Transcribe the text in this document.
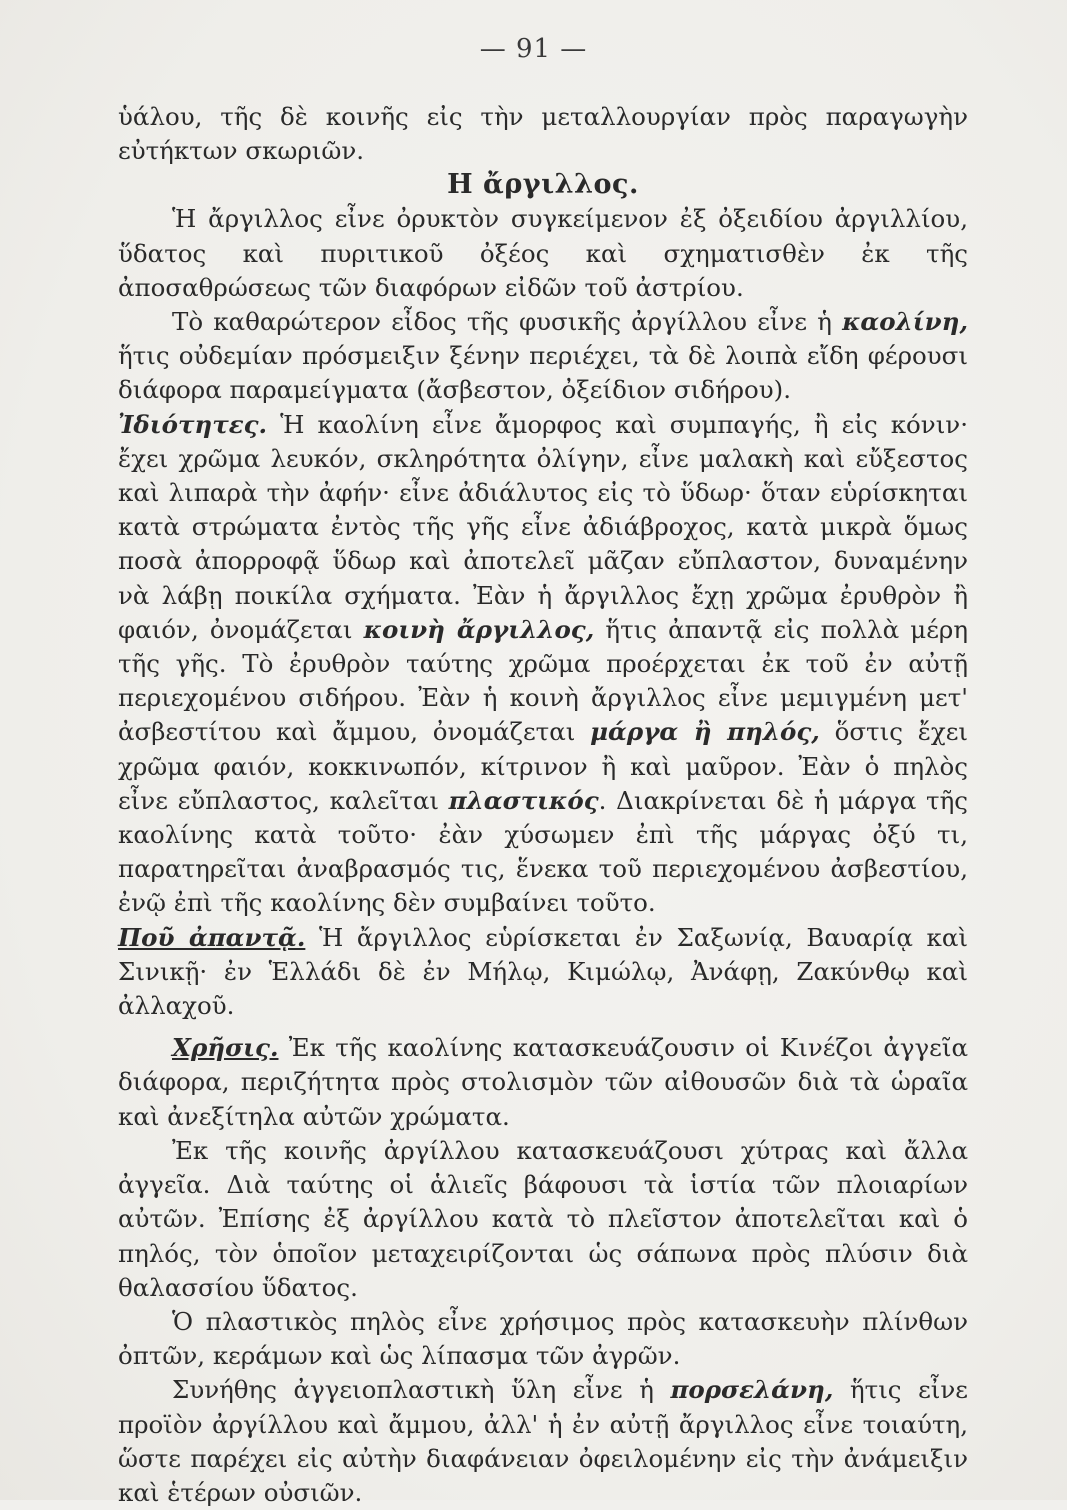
— 91 —

ὑάλου, τῆς δὲ κοινῆς εἰς τὴν μεταλλουργίαν πρὸς παραγωγὴν εὐτήκτων σκωριῶν.

Η ἄργιλλος.

Ἡ ἄργιλλος εἶνε ὀρυκτὸν συγκείμενον ἐξ ὀξειδίου ἀργιλλίου, ὕδατος καὶ πυριτικοῦ ὀξέος καὶ σχηματισθὲν ἐκ τῆς ἀποσαθρώσεως τῶν διαφόρων εἰδῶν τοῦ ἀστρίου.

Τὸ καθαρώτερον εἶδος τῆς φυσικῆς ἀργίλλου εἶνε ἡ καολίνη, ἥτις οὐδεμίαν πρόσμειξιν ξένην περιέχει, τὰ δὲ λοιπὰ εἴδη φέρουσι διάφορα παραμείγματα (ἄσβεστον, ὀξείδιον σιδήρου).

Ἰδιότητες. Ἡ καολίνη εἶνε ἄμορφος καὶ συμπαγής, ἢ εἰς κόνιν· ἔχει χρῶμα λευκόν, σκληρότητα ὀλίγην, εἶνε μαλακὴ καὶ εὔξεστος καὶ λιπαρὰ τὴν ἀφήν· εἶνε ἀδιάλυτος εἰς τὸ ὕδωρ· ὅταν εὑρίσκηται κατὰ στρώματα ἐντὸς τῆς γῆς εἶνε ἀδιάβροχος, κατὰ μικρὰ ὅμως ποσὰ ἀπορροφᾷ ὕδωρ καὶ ἀποτελεῖ μᾶζαν εὔπλαστον, δυναμένην νὰ λάβῃ ποικίλα σχήματα. Ἐὰν ἡ ἄργιλλος ἔχῃ χρῶμα ἐρυθρὸν ἢ φαιόν, ὀνομάζεται κοινὴ ἄργιλλος, ἥτις ἀπαντᾷ εἰς πολλὰ μέρη τῆς γῆς. Τὸ ἐρυθρὸν ταύτης χρῶμα προέρχεται ἐκ τοῦ ἐν αὐτῇ περιεχομένου σιδήρου. Ἐὰν ἡ κοινὴ ἄργιλλος εἶνε μεμιγμένη μετ' ἀσβεστίτου καὶ ἄμμου, ὀνομάζεται μάργα ἢ πηλός, ὅστις ἔχει χρῶμα φαιόν, κοκκινωπόν, κίτρινον ἢ καὶ μαῦρον. Ἐὰν ὁ πηλὸς εἶνε εὔπλαστος, καλεῖται πλαστικός. Διακρίνεται δὲ ἡ μάργα τῆς καολίνης κατὰ τοῦτο· ἐὰν χύσωμεν ἐπὶ τῆς μάργας ὀξύ τι, παρατηρεῖται ἀναβρασμός τις, ἕνεκα τοῦ περιεχομένου ἀσβεστίου, ἐνῷ ἐπὶ τῆς καολίνης δὲν συμβαίνει τοῦτο.

Ποῦ ἀπαντᾷ. Ἡ ἄργιλλος εὑρίσκεται ἐν Σαξωνίᾳ, Βαυαρίᾳ καὶ Σινικῇ· ἐν Ἑλλάδι δὲ ἐν Μήλῳ, Κιμώλῳ, Ἀνάφῃ, Ζακύνθῳ καὶ ἀλλαχοῦ.

Χρῆσις. Ἐκ τῆς καολίνης κατασκευάζουσιν οἱ Κινέζοι ἀγγεῖα διάφορα, περιζήτητα πρὸς στολισμὸν τῶν αἰθουσῶν διὰ τὰ ὡραῖα καὶ ἀνεξίτηλα αὐτῶν χρώματα.

Ἐκ τῆς κοινῆς ἀργίλλου κατασκευάζουσι χύτρας καὶ ἄλλα ἀγγεῖα. Διὰ ταύτης οἱ ἁλιεῖς βάφουσι τὰ ἱστία τῶν πλοιαρίων αὐτῶν. Ἐπίσης ἐξ ἀργίλλου κατὰ τὸ πλεῖστον ἀποτελεῖται καὶ ὁ πηλός, τὸν ὁποῖον μεταχειρίζονται ὡς σάπωνα πρὸς πλύσιν διὰ θαλασσίου ὕδατος.

Ὁ πλαστικὸς πηλὸς εἶνε χρήσιμος πρὸς κατασκευὴν πλίνθων ὀπτῶν, κεράμων καὶ ὡς λίπασμα τῶν ἀγρῶν.

Συνήθης ἀγγειοπλαστικὴ ὕλη εἶνε ἡ πορσελάνη, ἥτις εἶνε προϊὸν ἀργίλλου καὶ ἄμμου, ἀλλ' ἡ ἐν αὐτῇ ἄργιλλος εἶνε τοιαύτη, ὥστε παρέχει εἰς αὐτὴν διαφάνειαν ὀφειλομένην εἰς τὴν ἀνάμειξιν καὶ ἑτέρων οὐσιῶν.
